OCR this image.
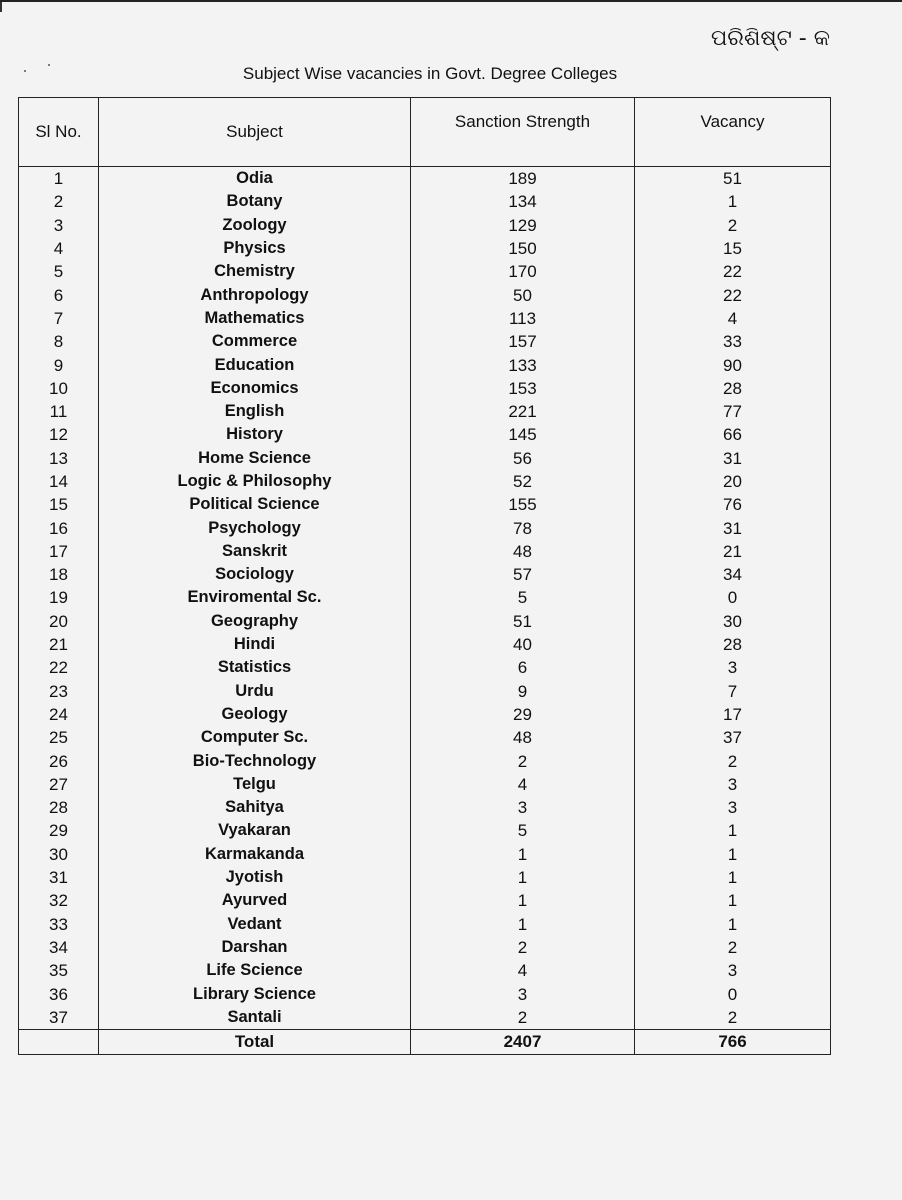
ପରିଶିଷ୍ଟ - କ
Subject Wise vacancies in Govt. Degree Colleges
Sl No.	Subject	Sanction Strength	Vacancy
1	Odia	189	51
2	Botany	134	1
3	Zoology	129	2
4	Physics	150	15
5	Chemistry	170	22
6	Anthropology	50	22
7	Mathematics	113	4
8	Commerce	157	33
9	Education	133	90
10	Economics	153	28
11	English	221	77
12	History	145	66
13	Home Science	56	31
14	Logic & Philosophy	52	20
15	Political Science	155	76
16	Psychology	78	31
17	Sanskrit	48	21
18	Sociology	57	34
19	Enviromental Sc.	5	0
20	Geography	51	30
21	Hindi	40	28
22	Statistics	6	3
23	Urdu	9	7
24	Geology	29	17
25	Computer Sc.	48	37
26	Bio-Technology	2	2
27	Telgu	4	3
28	Sahitya	3	3
29	Vyakaran	5	1
30	Karmakanda	1	1
31	Jyotish	1	1
32	Ayurved	1	1
33	Vedant	1	1
34	Darshan	2	2
35	Life Science	4	3
36	Library Science	3	0
37	Santali	2	2
	Total	2407	766
